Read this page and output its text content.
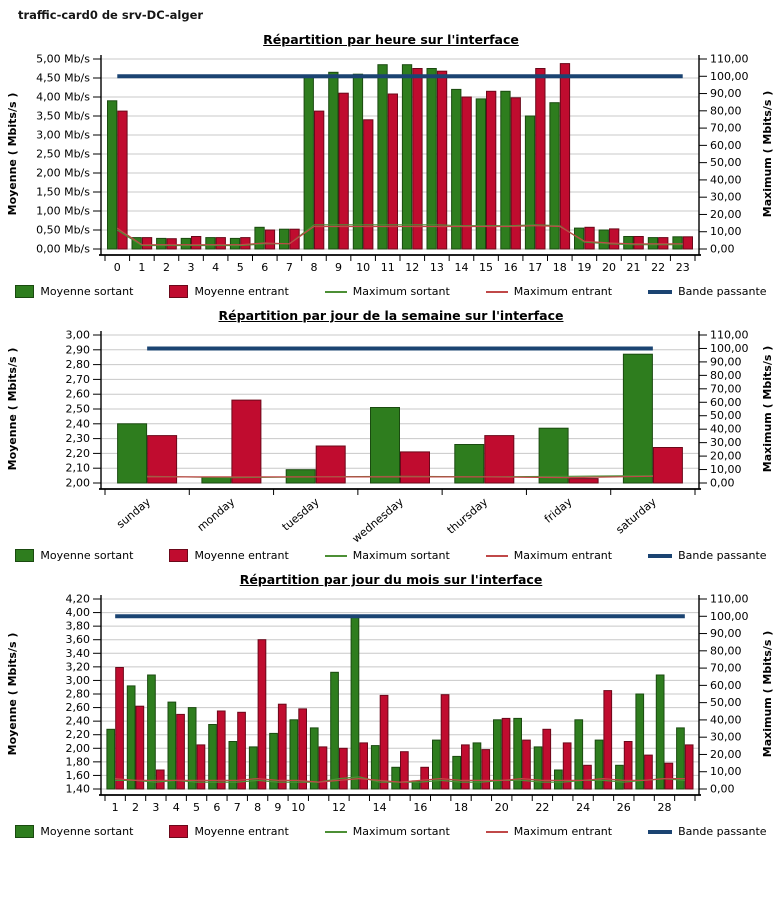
traffic-card0 de srv-DC-alger
Répartition par heure sur l'interface
0,00 Mb/s
0,50 Mb/s
1,00 Mb/s
1,50 Mb/s
2,00 Mb/s
2,50 Mb/s
3,00 Mb/s
3,50 Mb/s
4,00 Mb/s
4,50 Mb/s
5,00 Mb/s
0,00
10,00
20,00
30,00
40,00
50,00
60,00
70,00
80,00
90,00
100,00
110,00
0 1 2 3 4 5 6 7 8 9 10 11 12 13 14 15 16 17 18 19 20 21 22 23
Moyenne ( Mbits/s )	Maximum ( Mbits/s )
Moyenne sortant	Moyenne entrant	Maximum sortant	Maximum entrant	Bande passante
Répartition par jour de la semaine sur l'interface
2,00
2,10
2,20
2,30
2,40
2,50
2,60
2,70
2,80
2,90
3,00
0,00
10,00
20,00
30,00
40,00
50,00
60,00
70,00
80,00
90,00
100,00
110,00
sunday	monday	tuesday	wednesday	thursday	friday	saturday
Moyenne ( Mbits/s )	Maximum ( Mbits/s )
Moyenne sortant	Moyenne entrant	Maximum sortant	Maximum entrant	Bande passante
Répartition par jour du mois sur l'interface
1,40
1,60
1,80
2,00
2,20
2,40
2,60
2,80
3,00
3,20
3,40
3,60
3,80
4,00
4,20
0,00
10,00
20,00
30,00
40,00
50,00
60,00
70,00
80,00
90,00
100,00
110,00
1 2 3 4 5 6 7 8 9 10 12 14 16 18 20 22 24 26 28
Moyenne ( Mbits/s )	Maximum ( Mbits/s )
Moyenne sortant	Moyenne entrant	Maximum sortant	Maximum entrant	Bande passante
